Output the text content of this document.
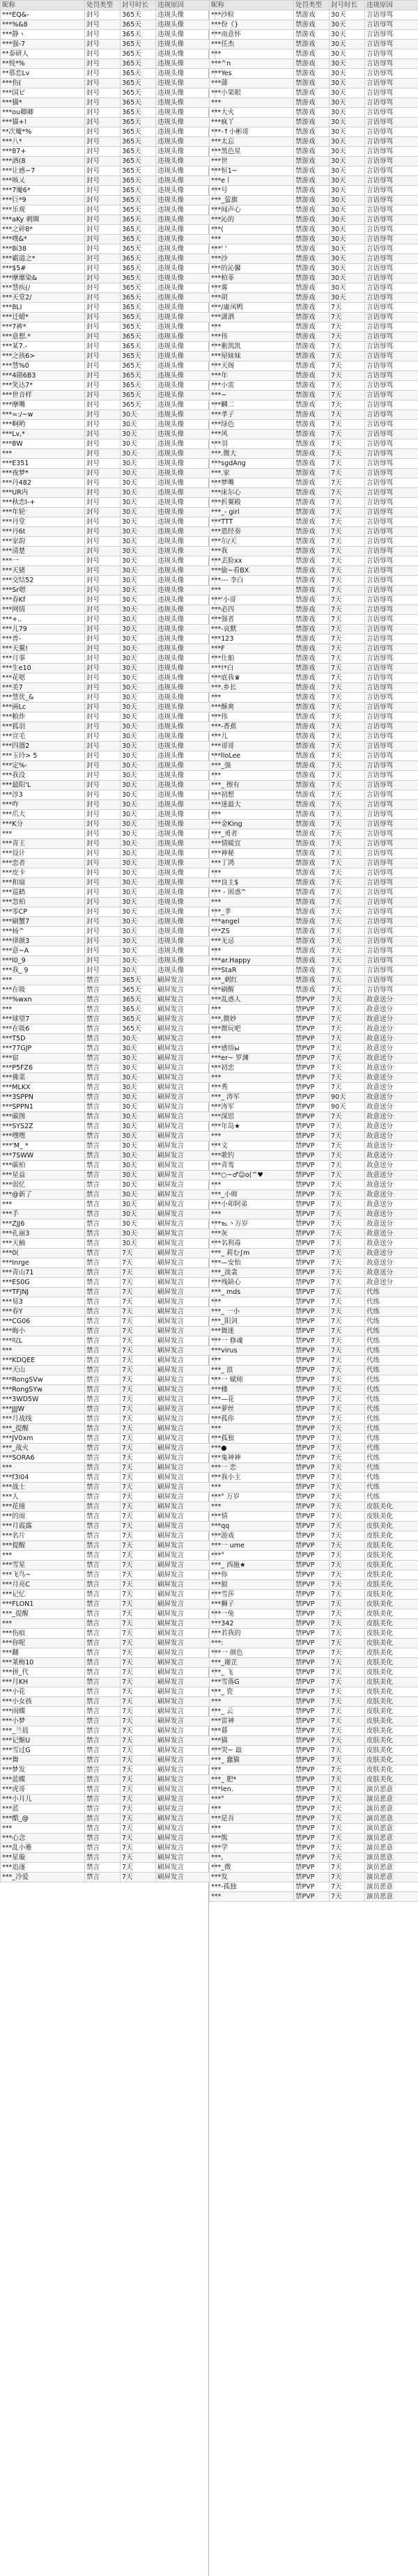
昵称	处罚类型	封号时长	违规原因
***EQ&-	封号	365天	违规头像
***%&8	封号	365天	违规头像
***静ヽ	封号	365天	违规头像
***强-7	封号	365天	违规头像
**泰研人	封号	365天	违规头像
**悦*%	封号	365天	违规头像
**慕恋Lv	封号	365天	违规头像
***伤(	封号	365天	违规头像
***国ピ	封号	365天	违规头像
***猫*	封号	365天	违规头像
***ou卿卿	封号	365天	违规头像
***猫+!	封号	365天	违规头像
**次魔*%	封号	365天	违规头像
***八*	封号	365天	违规头像
***87+	封号	365天	违规头像
***酒(8	封号	365天	违规头像
***让感~7	封号	365天	违规头像
***咳乂	封号	365天	违规头像
***7魔6*	封号	365天	违规头像
***巨*9	封号	365天	违规头像
***乐观	封号	365天	违规头像
***aKy 刺圈	封号	365天	违规头像
***之碎8*	封号	365天	违规头像
***噗&*	封号	365天	违规头像
***8i38	封号	365天	违规头像
***霸道之*	封号	365天	违规头像
***$5#	封号	365天	违规头像
***摩靡染&	封号	365天	违规头像
***慧疾(/	封号	365天	违规头像
***天堂2/	封号	365天	违规头像
***8LI	封号	365天	违规头像
***迁蜡*	封号	365天	违规头像
***7裤*	封号	365天	违规头像
***意想.*	封号	365天	违规头像
***某7.-	封号	365天	违规头像
***之孩6>	封号	365天	违规头像
***慧%0	封号	365天	违规头像
***4剧6B3	封号	365天	违规头像
***笑达7*	封号	365天	违规头像
***世音样	封号	365天	违规头像
***摩嘴	封号	365天	违规头像
***=:/~w	封号	30天	违规头像
***啊哟	封号	30天	违规头像
***Lv,*	封号	30天	违规头像
***8W	封号	30天	违规头像
***	封号	30天	违规头像
***E351	封号	30天	违规头像
***夜梦*	封号	30天	违规头像
***丹482	封号	30天	违规头像
***UR内	封号	30天	违规头像
***秋恋I-+	封号	30天	违规头像
***年轮	封号	30天	违规头像
***丹堂	封号	30天	违规头像
***丹6t	封号	30天	违规头像
***家韵	封号	30天	违规头像
***清楚	封号	30天	违规头像
***一	封号	30天	违规头像
***天猪	封号	30天	违规头像
***交结52	封号	30天	违规头像
***Sr嗯	封号	30天	违规头像
***春Kf	封号	30天	违规头像
***网情	封号	30天	违规头像
***+..	封号	30天	违规头像
***儿79	封号	30天	违规头像
***普-	封号	30天	违规头像
***天翼!	封号	30天	违规头像
***月事	封号	30天	违规头像
***生e10	封号	30天	违规头像
***花嗯	封号	30天	违规头像
***美7	封号	30天	违规头像
***慧优_&	封号	30天	违规头像
***画Lc	封号	30天	违规头像
***粮炸	封号	30天	违规头像
***狐羽	封号	30天	违规头像
***宣毛	封号	30天	违规头像
***四器2	封号	30天	违规头像
***玉玲> 5	封号	30天	违规头像
***定%-	封号	30天	违规头像
***我没	封号	30天	违规头像
***最阳'L	封号	30天	违规头像
***淳3	封号	30天	违规头像
***咋	封号	30天	违规头像
***爪大	封号	30天	违规头像
***K分	封号	30天	违规头像
***	封号	30天	违规头像
***青王	封号	30天	违规头像
***设计	封号	30天	违规头像
***恋者	封号	30天	违规头像
***皮卡	封号	30天	违规头像
***和扇	封号	30天	违规头像
***巡鹤	封号	30天	违规头像
***忽柏	封号	30天	违规头像
***零CP	封号	30天	违规头像
***刷蟹7	封号	30天	违规头像
***杨^	封号	30天	违规头像
***律颜3	封号	30天	违规头像
***意~A	封号	30天	违规头像
***l0_9	封号	30天	违规头像
***我_ 9	封号	30天	违规头像
***	禁言	365天	刷屏发言
***在吸	禁言	365天	刷屏发言
***%wxn	禁言	365天	刷屏发言
***	禁言	365天	刷屏发言
***球望7	禁言	365天	刷屏发言
***在吸6	禁言	365天	刷屏发言
***T5D	禁言	30天	刷屏发言
***77GJP	禁言	30天	刷屏发言
***宿	禁言	30天	刷屏发言
***P5FZ6	禁言	30天	刷屏发言
***佛菜	禁言	30天	刷屏发言
***MLKX	禁言	30天	刷屏发言
***3SPPN	禁言	30天	刷屏发言
***SPPN1	禁言	30天	刷屏发言
***碳图	禁言	30天	刷屏发言
***SYS2Z	禁言	30天	刷屏发言
***嘿嘿	禁言	30天	刷屏发言
***'M_ *	禁言	30天	刷屏发言
***7SWW	禁言	30天	刷屏发言
***碳柏	禁言	30天	刷屏发言
***星益	禁言	30天	刷屏发言
***弱忆	禁言	30天	刷屏发言
***@新了	禁言	30天	刷屏发言
***	禁言	30天	刷屏发言
***手	禁言	30天	刷屏发言
***ZJJ6	禁言	30天	刷屏发言
***孔丽3	禁言	30天	刷屏发言
***天楠	禁言	30天	刷屏发言
***0(	禁言	7天	刷屏发言
***Inrge	禁言	7天	刷屏发言
***青山71	禁言	7天	刷屏发言
***ES0G	禁言	7天	刷屏发言
***TFJNJ	禁言	7天	刷屏发言
***易3	禁言	7天	刷屏发言
***春Y	禁言	7天	刷屏发言
***CG06	禁言	7天	刷屏发言
***晦小	禁言	7天	刷屏发言
***叹L	禁言	7天	刷屏发言
***	禁言	7天	刷屏发言
***KDQEE	禁言	7天	刷屏发言
***天山	禁言	7天	刷屏发言
***RongSVw	禁言	7天	刷屏发言
***RongSYw	禁言	7天	刷屏发言
***3WD5W	禁言	7天	刷屏发言
***JJJW	禁言	7天	刷屏发言
***月战线	禁言	7天	刷屏发言
***_提醒	禁言	7天	刷屏发言
***JV0xm	禁言	7天	刷屏发言
***_战火	禁言	7天	刷屏发言
***SORA6	禁言	7天	刷屏发言
***	禁言	7天	刷屏发言
***f3l04	禁言	7天	刷屏发言
***战士	禁言	7天	刷屏发言
***人	禁言	7天	刷屏发言
***花撞	禁言	7天	刷屏发言
***的雨	禁言	7天	刷屏发言
***月霞露	禁言	7天	刷屏发言
***名片	禁言	7天	刷屏发言
***提醒	禁言	7天	刷屏发言
***	禁言	7天	刷屏发言
***雪星	禁言	7天	刷屏发言
***飞鸟~	禁言	7天	刷屏发言
***月亮C	禁言	7天	刷屏发言
***记忆	禁言	7天	刷屏发言
***FLON1	禁言	7天	刷屏发言
***_提醒	禁言	7天	刷屏发言
***	禁言	7天	刷屏发言
***伤痕	禁言	7天	刷屏发言
***你呢	禁言	7天	刷屏发言
***翻	禁言	7天	刷屏发言
***莱梅10	禁言	7天	刷屏发言
***拼_代	禁言	7天	刷屏发言
***月KH	禁言	7天	刷屏发言
***小花	禁言	7天	刷屏发言
***小女孩	禁言	7天	刷屏发言
***雨蝶	禁言	7天	刷屏发言
***小梦	禁言	7天	刷屏发言
***_兰晨	禁言	7天	刷屏发言
***记惭U	禁言	7天	刷屏发言
***雪过G	禁言	7天	刷屏发言
***舞	禁言	7天	刷屏发言
***梦发	禁言	7天	刷屏发言
***蓝蝶	禁言	7天	刷屏发言
***虎哥	禁言	7天	刷屏发言
***小月儿	禁言	7天	刷屏发言
***蓝	禁言	7天	刷屏发言
***酷_@	禁言	7天	刷屏发言
***	禁言	7天	刷屏发言
***心念	禁言	7天	刷屏发言
***乱小雅	禁言	7天	刷屏发言
***星璇	禁言	7天	刷屏发言
***追逐	禁言	7天	刷屏发言
***_冷爱	禁言	7天	刷屏发言
昵称	处罚类型	封号时长	违规原因
***沙粒	禁游戏	30天	言语辱骂
***份《}	禁游戏	30天	言语辱骂
***南意怀	禁游戏	30天	言语辱骂
***任杰	禁游戏	30天	言语辱骂
***	禁游戏	30天	言语辱骂
***^n	禁游戏	30天	言语辱骂
***Yes	禁游戏	30天	言语辱骂
***蒲	禁游戏	30天	言语辱骂
***小果眼	禁游戏	30天	言语辱骂
***	禁游戏	30天	言语辱骂
***大火	禁游戏	30天	言语辱骂
***疯丫	禁游戏	30天	言语辱骂
***-↑小彬哥	禁游戏	30天	言语辱骂
***太忘	禁游戏	30天	言语辱骂
***黑色星	禁游戏	30天	言语辱骂
***世	禁游戏	30天	言语辱骂
***恒1~	禁游戏	30天	言语辱骂
***e丨	禁游戏	30天	言语辱骂
***号	禁游戏	30天	言语辱骂
***_萤旗	禁游戏	30天	言语辱骂
***闻声心	禁游戏	30天	言语辱骂
***沁的	禁游戏	30天	言语辱骂
***(	禁游戏	30天	言语辱骂
***	禁游戏	30天	言语辱骂
***' '	禁游戏	30天	言语辱骂
***沙	禁游戏	30天	言语辱骂
***的沁馨	禁游戏	30天	言语辱骂
***柏菲	禁游戏	30天	言语辱骂
***雾	禁游戏	30天	言语辱骂
***胡	禁游戏	30天	言语辱骂
***/庸凤鸭	禁游戏	7天	言语辱骂
***潇洒	禁游戏	7天	言语辱骂
***	禁游戏	7天	言语辱骂
***伟	禁游戏	7天	言语辱骂
***紫凯凯	禁游戏	7天	言语辱骂
***屋妹妹	禁游戏	7天	言语辱骂
***天阁	禁游戏	7天	言语辱骂
***年	禁游戏	7天	言语辱骂
***小雷	禁游戏	7天	言语辱骂
***~	禁游戏	7天	言语辱骂
***麟二	禁游戏	7天	言语辱骂
***孝子	禁游戏	7天	言语辱骂
***绿色	禁游戏	7天	言语辱骂
***风	禁游戏	7天	言语辱骂
***羽	禁游戏	7天	言语辱骂
***.微大	禁游戏	7天	言语辱骂
***sgdAng	禁游戏	7天	言语辱骂
***.家	禁游戏	7天	言语辱骂
***梦嘴	禁游戏	7天	言语辱骂
***床尔心	禁游戏	7天	言语辱骂
***折翼殿	禁游戏	7天	言语辱骂
***_- girl	禁游戏	7天	言语辱骂
***TTT	禁游戏	7天	言语辱骂
***恩经奏	禁游戏	7天	言语辱骂
***尔/天	禁游戏	7天	言语辱骂
***我	禁游戏	7天	言语辱骂
***丢脸xx	禁游戏	7天	言语辱骂
***偷~看BX	禁游戏	7天	言语辱骂
***--- 李白	禁游戏	7天	言语辱骂
***	禁游戏	7天	言语辱骂
***'小哥	禁游戏	7天	言语辱骂
***必四	禁游戏	7天	言语辱骂
***强者	禁游戏	7天	言语辱骂
***-哀默	禁游戏	7天	言语辱骂
***123	禁游戏	7天	言语辱骂
***F	禁游戏	7天	言语辱骂
***仕舶	禁游戏	7天	言语辱骂
***!*白	禁游戏	7天	言语辱骂
***底我♛	禁游戏	7天	言语辱骂
***.乡长	禁游戏	7天	言语辱骂
***	禁游戏	7天	言语辱骂
***酥爽	禁游戏	7天	言语辱骂
***伟	禁游戏	7天	言语辱骂
***-香蕉	禁游戏	7天	言语辱骂
***儿	禁游戏	7天	言语辱骂
***哥哥	禁游戏	7天	言语辱骂
***lloLee	禁游戏	7天	言语辱骂
***_强	禁游戏	7天	言语辱骂
***	禁游戏	7天	言语辱骂
***_ 擦有	禁游戏	7天	言语辱骂
***初想	禁游戏	7天	言语辱骂
***迷最大	禁游戏	7天	言语辱骂
***	禁游戏	7天	言语辱骂
***金King	禁游戏	7天	言语辱骂
***_勇者	禁游戏	7天	言语辱骂
***情暖宜	禁游戏	7天	言语辱骂
***神秘	禁游戏	7天	言语辱骂
***丁鸿	禁游戏	7天	言语辱骂
***	禁游戏	7天	言语辱骂
***良主$	禁游戏	7天	言语辱骂
*** - 困惑^	禁游戏	7天	言语辱骂
***	禁游戏	7天	言语辱骂
***_孝	禁游戏	7天	言语辱骂
***angel	禁游戏	7天	言语辱骂
***ZS	禁游戏	7天	言语辱骂
***无忌	禁游戏	7天	言语辱骂
***	禁游戏	7天	言语辱骂
***ar.Happy	禁游戏	7天	言语辱骂
***StaR	禁游戏	7天	言语辱骂
***_刺红	禁游戏	7天	言语辱骂
***刷醒	禁游戏	7天	言语辱骂
***乱惑人	禁PVP	7天	故意送分
***	禁PVP	7天	故意送分
***,微妙	禁PVP	7天	故意送分
***微玩吧	禁PVP	7天	故意送分
***	禁PVP	7天	故意送分
***感悟ы	禁PVP	7天	故意送分
***er~ 罗渊	禁PVP	7天	故意送分
***初恋	禁PVP	7天	故意送分
***	禁PVP	7天	故意送分
***秀	禁PVP	7天	故意送分
***_ 涛军	禁PVP	90天	故意送分
***涛军	禁PVP	90天	故意送分
***深思	禁PVP	7天	故意送分
***年岛★	禁PVP	7天	故意送分
***	禁PVP	7天	故意送分
***文	禁PVP	7天	故意送分
***歌钓	禁PVP	7天	故意送分
***青鸾	禁PVP	7天	故意送分
***○~♂☺o(^♥	禁PVP	7天	故意送分
***	禁PVP	7天	故意送分
***_小师	禁PVP	7天	故意送分
***小卯阿弟	禁PVP	7天	故意送分
***	禁PVP	7天	故意送分
***℡丶万岁	禁PVP	7天	故意送分
***灰	禁PVP	7天	故意送分
***名利毒	禁PVP	7天	故意送分
***_ 莉む∫m	禁PVP	7天	故意送分
***—安怡	禁PVP	7天	故意送分
***_淡衾	禁PVP	7天	故意送分
***残缺心	禁PVP	7天	故意送分
***_ mds	禁PVP	7天	代练
***	禁PVP	7天	代练
***_ 一小	禁PVP	7天	代练
***_阳剑	禁PVP	7天	代练
***舞迷	禁PVP	7天	代练
***一 修魂	禁PVP	7天	代练
***virus	禁PVP	7天	代练
***	禁PVP	7天	代练
***_ 浪	禁PVP	7天	代练
***一 赋师	禁PVP	7天	代练
***楼	禁PVP	7天	代练
***—花	禁PVP	7天	代练
***萝丝	禁PVP	7天	代练
***孤你	禁PVP	7天	代练
***	禁PVP	7天	代练
***孤独	禁PVP	7天	代练
***●	禁PVP	7天	代练
***鬼神神	禁PVP	7天	代练
***一 恋	禁PVP	7天	代练
***我小主	禁PVP	7天	代练
***	禁PVP	7天	代练
***° 万岁	禁PVP	7天	代练
***	禁PVP	7天	皮肤美化
***情	禁PVP	7天	皮肤美化
***qq	禁PVP	7天	皮肤美化
***游戏	禁PVP	7天	皮肤美化
***一 ume	禁PVP	7天	皮肤美化
***°	禁PVP	7天	皮肤美化
***_ 西施★	禁PVP	7天	皮肤美化
***你	禁PVP	7天	皮肤美化
***狼	禁PVP	7天	皮肤美化
***雪莎	禁PVP	7天	皮肤美化
***狮子	禁PVP	7天	皮肤美化
***一兔	禁PVP	7天	皮肤美化
***342	禁PVP	7天	皮肤美化
***若我的	禁PVP	7天	皮肤美化
***:	禁PVP	7天	皮肤美化
***一 颜色	禁PVP	7天	皮肤美化
***_谢芷	禁PVP	7天	皮肤美化
***_ 飞	禁PVP	7天	皮肤美化
***雪落G	禁PVP	7天	皮肤美化
***_ 瓷	禁PVP	7天	皮肤美化
***	禁PVP	7天	皮肤美化
***_ 云	禁PVP	7天	皮肤美化
***雷神	禁PVP	7天	皮肤美化
***暮	禁PVP	7天	皮肤美化
***猫	禁PVP	7天	皮肤美化
***哭~ 最	禁PVP	7天	皮肤美化
***_ 蠢猫	禁PVP	7天	皮肤美化
***	禁PVP	7天	皮肤美化
***_ 肥*	禁PVP	7天	皮肤美化
***len.	禁PVP	7天	演员恶意
***°	禁PVP	7天	演员恶意
***	禁PVP	7天	演员恶意
***是吾	禁PVP	7天	演员恶意
***	禁PVP	7天	演员恶意
***熊	禁PVP	7天	演员恶意
***学	禁PVP	7天	演员恶意
***,	禁PVP	7天	演员恶意
***_微	禁PVP	7天	演员恶意
***发	禁PVP	7天	演员恶意
***-孤独	禁PVP	7天	演员恶意
***	禁PVP	7天	演员恶意
